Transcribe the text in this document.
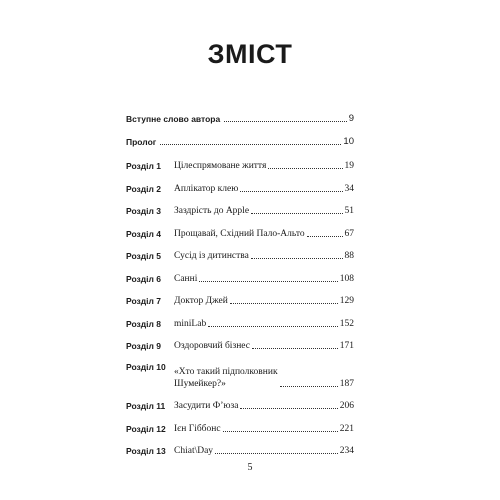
ЗМІСТ
Вступне слово автора	9
Пролог	10
Розділ 1	Цілеспрямоване життя	19
Розділ 2	Аплікатор клею	34
Розділ 3	Заздрість до Apple	51
Розділ 4	Прощавай, Східний Пало-Альто	67
Розділ 5	Сусід із дитинства	88
Розділ 6	Санні	108
Розділ 7	Доктор Джей	129
Розділ 8	miniLab	152
Розділ 9	Оздоровчий бізнес	171
Розділ 10 «Хто такий підполковник
Шумейкер?»	187
Розділ 11 Засудити Ф’юза	206
Розділ 12 Ієн Гіббонс	221
Розділ 13 Chiat\Day	234
5
